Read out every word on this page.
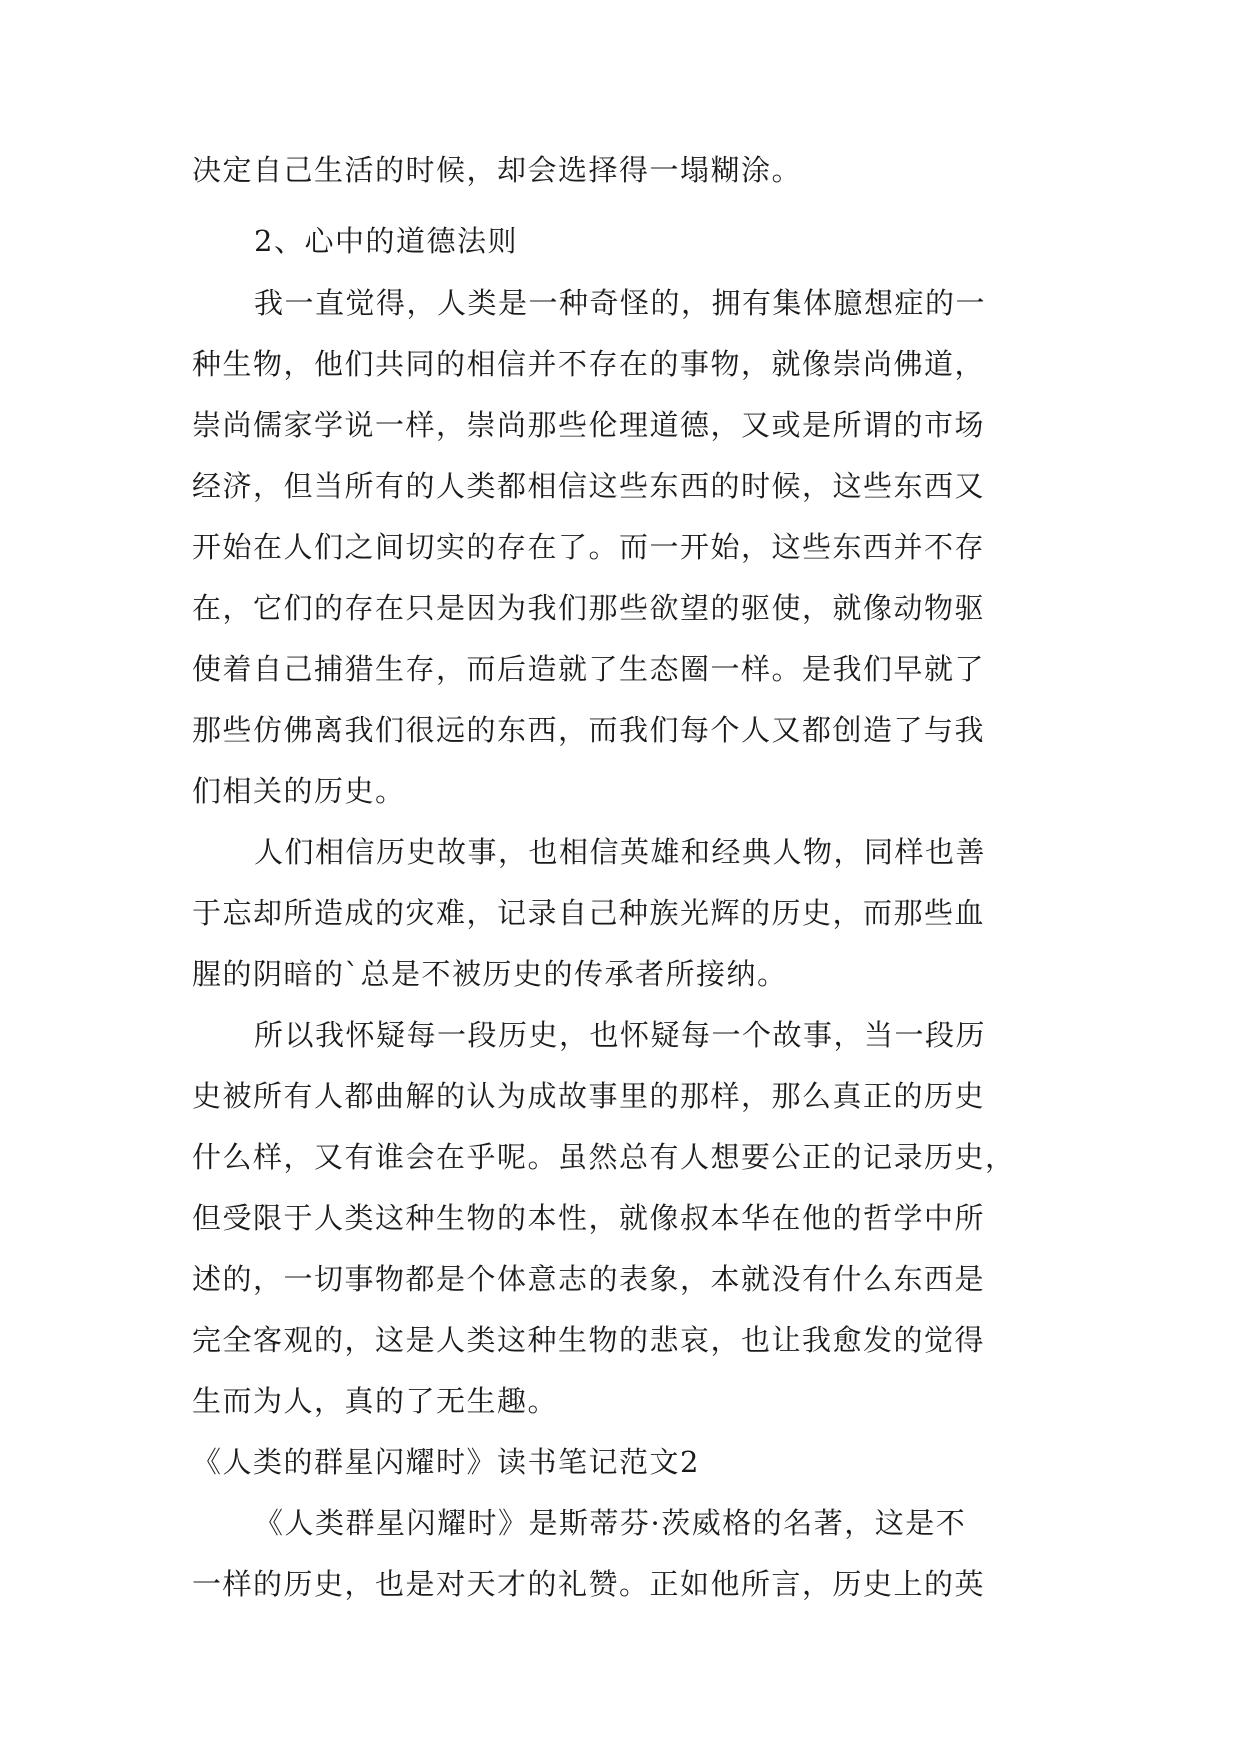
决定自己生活的时候，却会选择得一塌糊涂。

2、心中的道德法则

我一直觉得，人类是一种奇怪的，拥有集体臆想症的一

种生物，他们共同的相信并不存在的事物，就像崇尚佛道，

崇尚儒家学说一样，崇尚那些伦理道德，又或是所谓的市场

经济，但当所有的人类都相信这些东西的时候，这些东西又

开始在人们之间切实的存在了。而一开始，这些东西并不存

在，它们的存在只是因为我们那些欲望的驱使，就像动物驱

使着自己捕猎生存，而后造就了生态圈一样。是我们早就了

那些仿佛离我们很远的东西，而我们每个人又都创造了与我

们相关的历史。

人们相信历史故事，也相信英雄和经典人物，同样也善

于忘却所造成的灾难，记录自己种族光辉的历史，而那些血

腥的阴暗的`总是不被历史的传承者所接纳。

所以我怀疑每一段历史，也怀疑每一个故事，当一段历

史被所有人都曲解的认为成故事里的那样，那么真正的历史

什么样，又有谁会在乎呢。虽然总有人想要公正的记录历史，

但受限于人类这种生物的本性，就像叔本华在他的哲学中所

述的，一切事物都是个体意志的表象，本就没有什么东西是

完全客观的，这是人类这种生物的悲哀，也让我愈发的觉得

生而为人，真的了无生趣。

《人类的群星闪耀时》读书笔记范文2

《人类群星闪耀时》是斯蒂芬·茨威格的名著，这是不

一样的历史，也是对天才的礼赞。正如他所言，历史上的英
